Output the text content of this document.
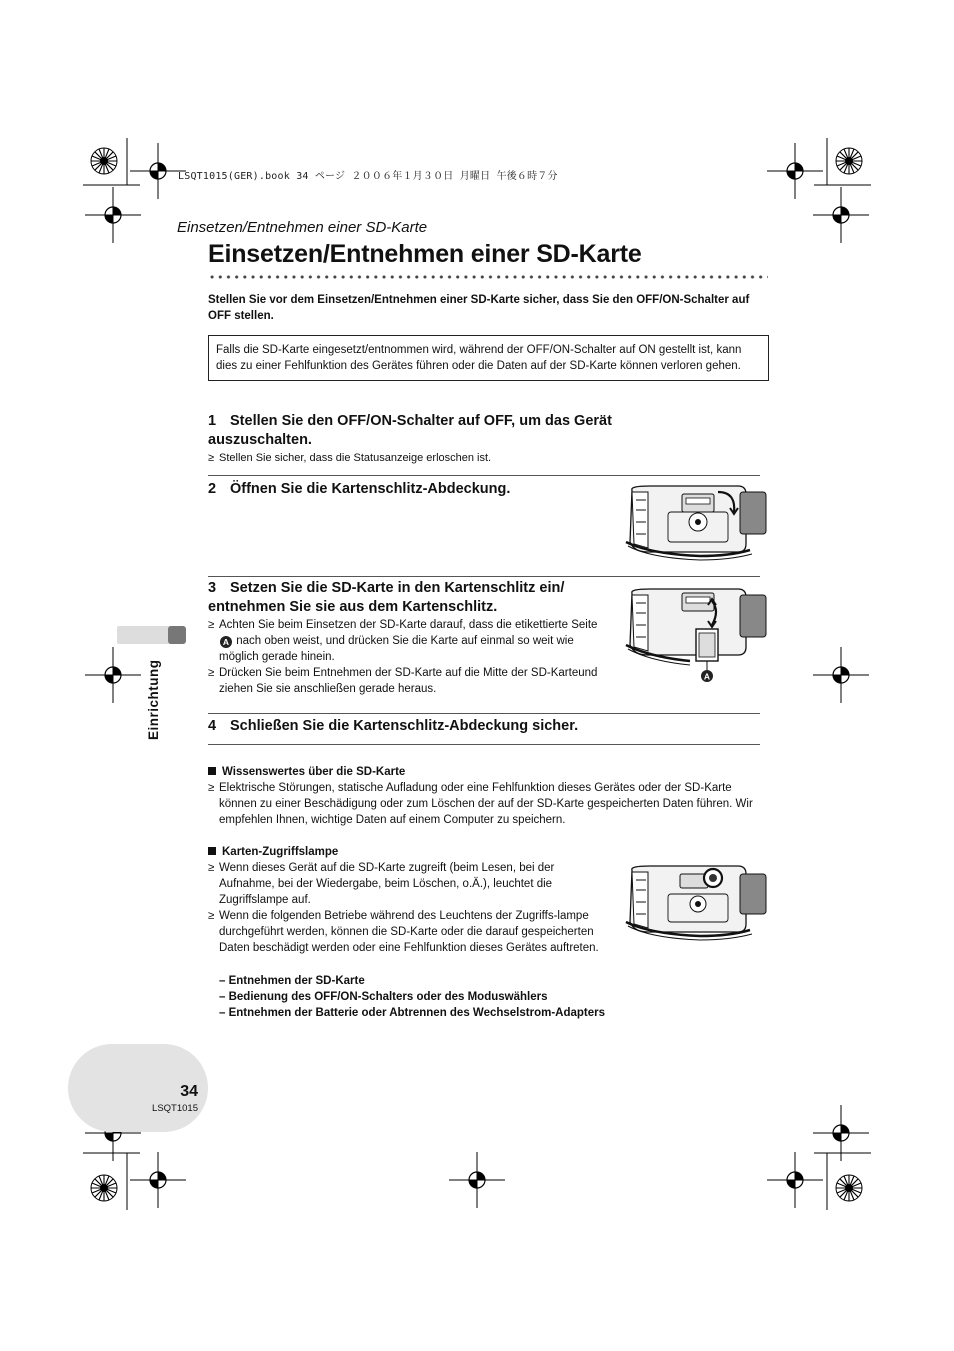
LSQT1015(GER).book 34 ページ ２００６年１月３０日 月曜日 午後６時７分
Einsetzen/Entnehmen einer SD-Karte
Einsetzen/Entnehmen einer SD-Karte
Stellen Sie vor dem Einsetzen/Entnehmen einer SD-Karte sicher, dass Sie den OFF/ON-Schalter auf OFF stellen.
Falls die SD-Karte eingesetzt/entnommen wird, während der OFF/ON-Schalter auf ON gestellt ist, kann dies zu einer Fehlfunktion des Gerätes führen oder die Daten auf der SD-Karte können verloren gehen.
1 Stellen Sie den OFF/ON-Schalter auf OFF, um das Gerät
auszuschalten.
≥ Stellen Sie sicher, dass die Statusanzeige erloschen ist.
2 Öffnen Sie die Kartenschlitz-Abdeckung.
3 Setzen Sie die SD-Karte in den Kartenschlitz ein/
entnehmen Sie sie aus dem Kartenschlitz.
≥ Achten Sie beim Einsetzen der SD-Karte darauf, dass die etikettierte Seite A nach oben weist, und drücken Sie die Karte auf einmal so weit wie möglich gerade hinein.
≥ Drücken Sie beim Entnehmen der SD-Karte auf die Mitte der SD-Karteund ziehen Sie sie anschließen gerade heraus.
4 Schließen Sie die Kartenschlitz-Abdeckung sicher.
Wissenswertes über die SD-Karte
≥ Elektrische Störungen, statische Aufladung oder eine Fehlfunktion dieses Gerätes oder der SD-Karte können zu einer Beschädigung oder zum Löschen der auf der SD-Karte gespeicherten Daten führen. Wir empfehlen Ihnen, wichtige Daten auf einem Computer zu speichern.
Karten-Zugriffslampe
≥ Wenn dieses Gerät auf die SD-Karte zugreift (beim Lesen, bei der Aufnahme, bei der Wiedergabe, beim Löschen, o.Ä.), leuchtet die Zugriffslampe auf.
≥ Wenn die folgenden Betriebe während des Leuchtens der Zugriffs-lampe durchgeführt werden, können die SD-Karte oder die darauf gespeicherten Daten beschädigt werden oder eine Fehlfunktion dieses Gerätes auftreten.
– Entnehmen der SD-Karte
– Bedienung des OFF/ON-Schalters oder des Moduswählers
– Entnehmen der Batterie oder Abtrennen des Wechselstrom-Adapters
A
Einrichtung
34
LSQT1015
